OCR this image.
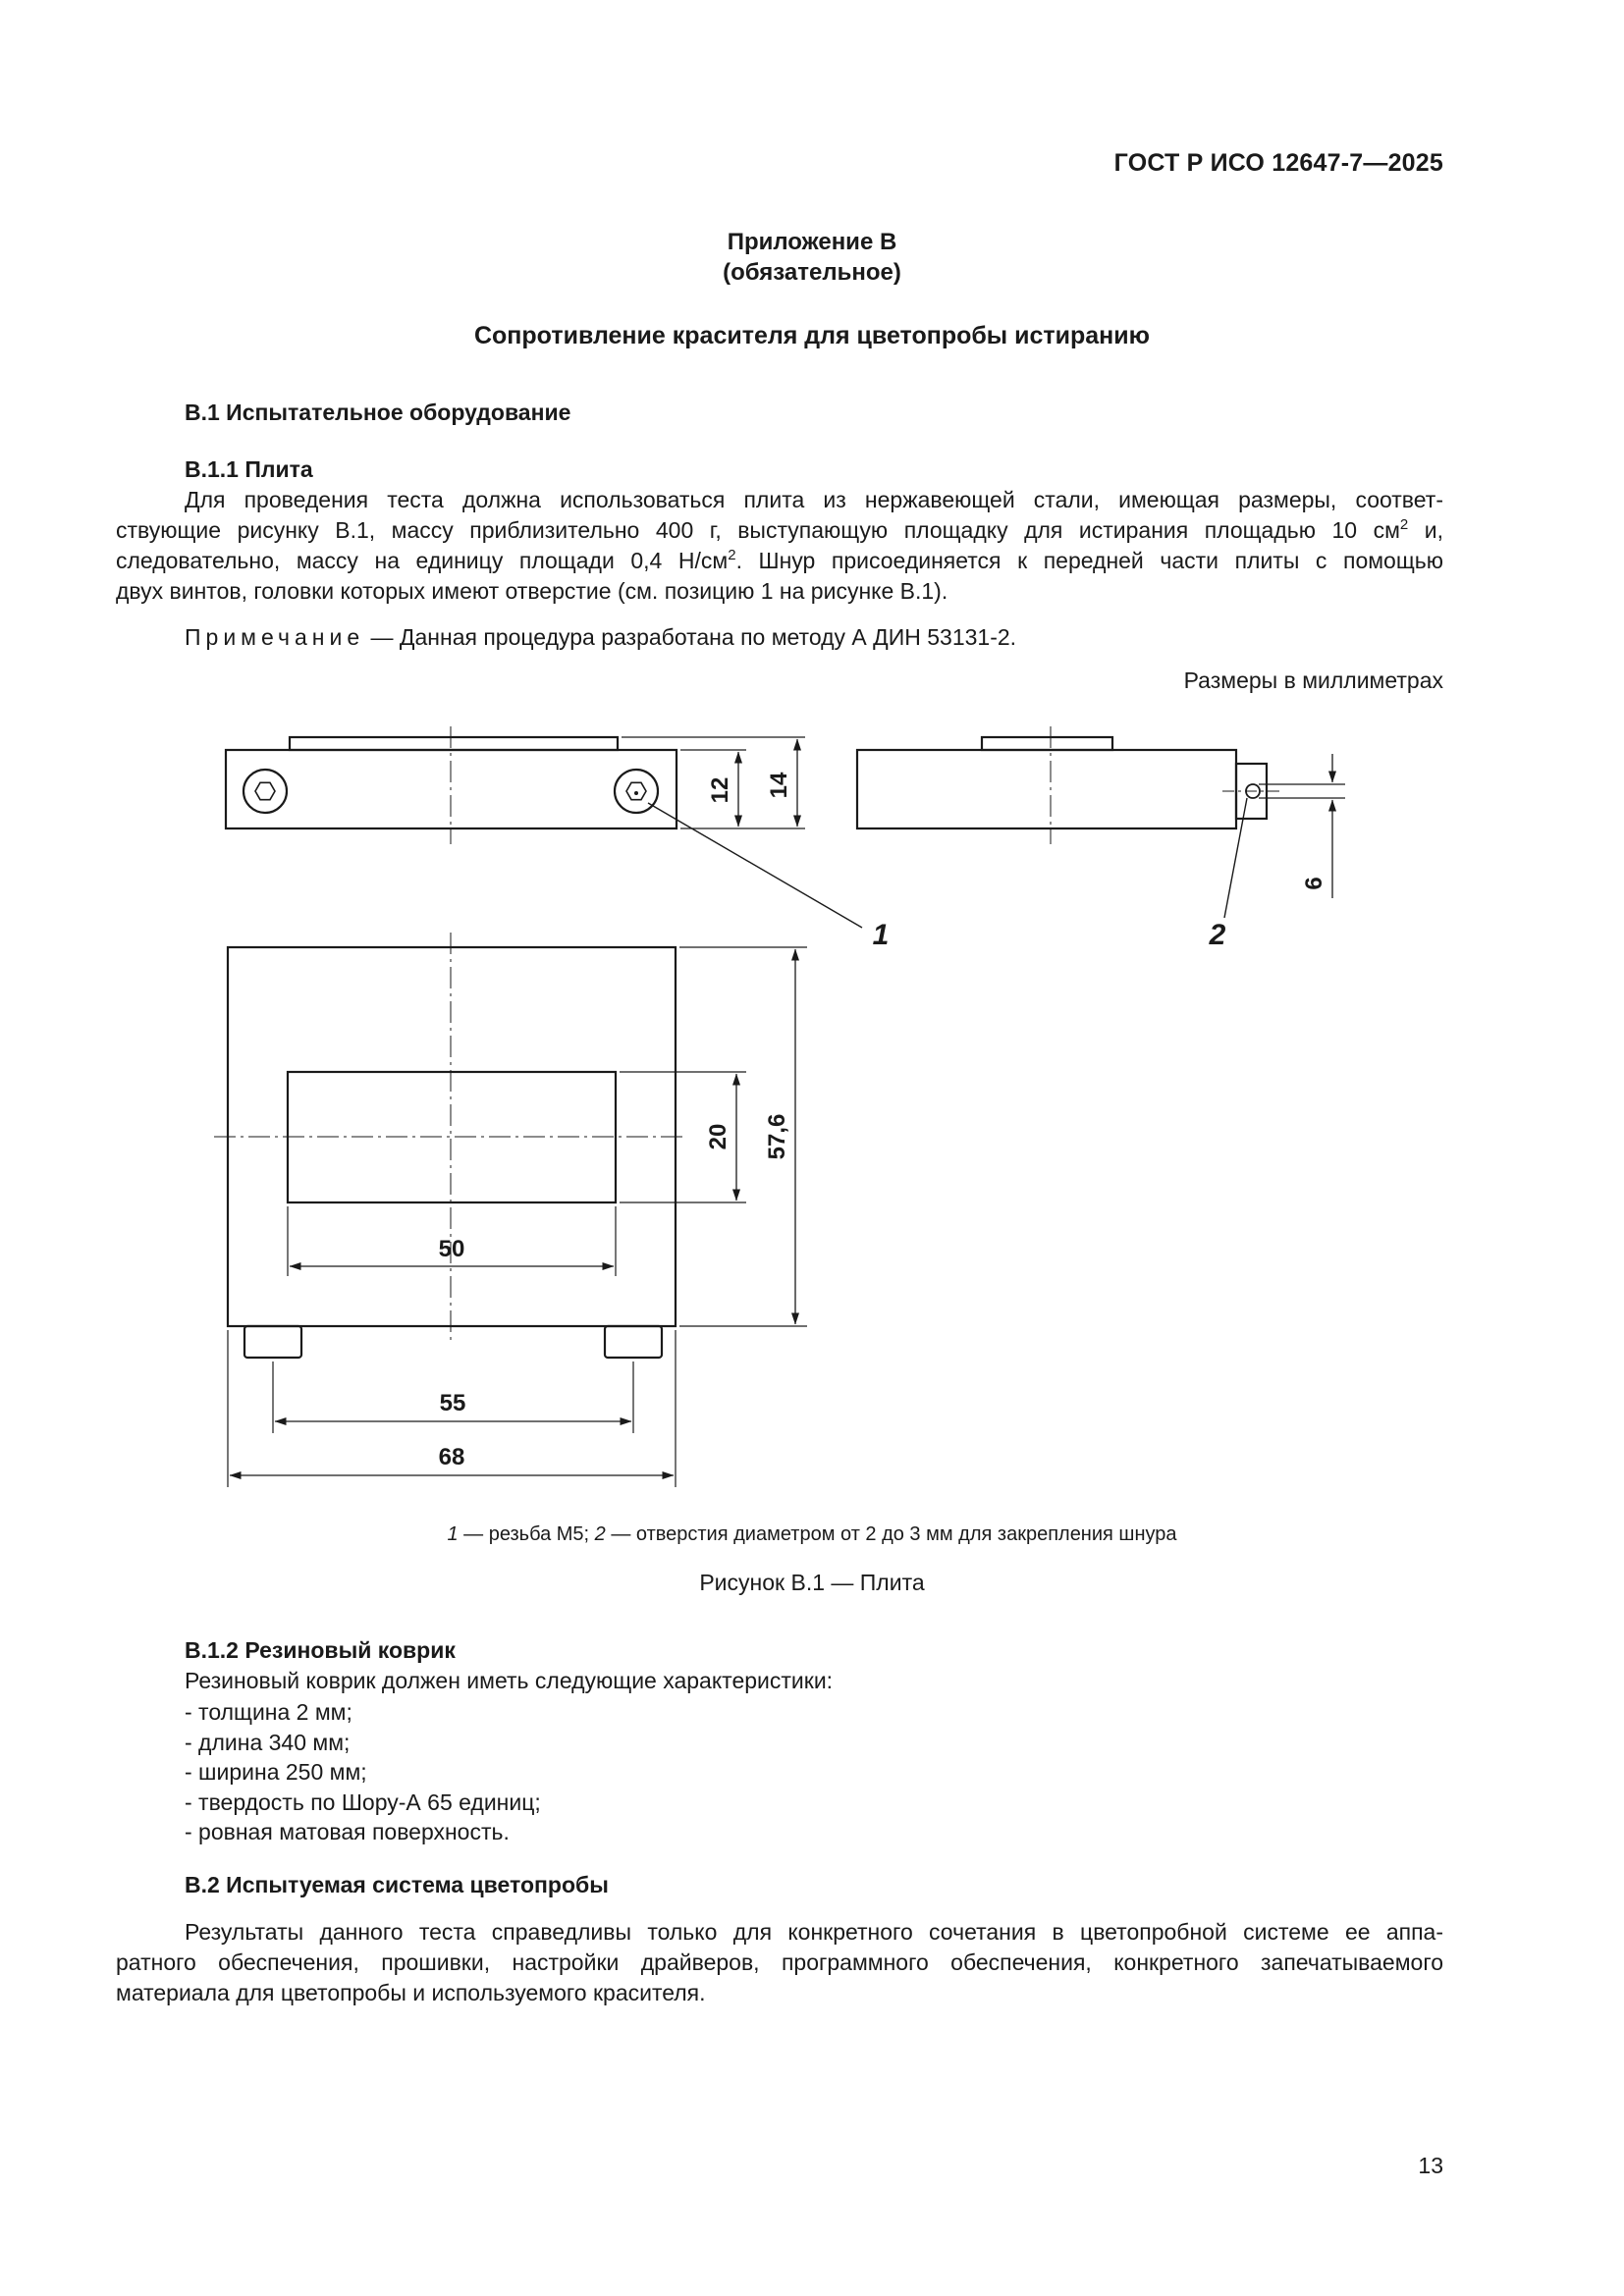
ГОСТ Р ИСО 12647-7—2025
Приложение В
(обязательное)
Сопротивление красителя для цветопробы истиранию
В.1 Испытательное оборудование
В.1.1 Плита
Для проведения теста должна использоваться плита из нержавеющей стали, имеющая размеры, соответ-
ствующие рисунку В.1, массу приблизительно 400 г, выступающую площадку для истирания площадью 10 $см^2$ и,
следовательно, массу на единицу площади 0,4 $Н/см^2$. Шнур присоединяется к передней части плиты с помощью
двух винтов, головки которых имеют отверстие (см. позицию 1 на рисунке В.1).
Примечание — Данная процедура разработана по методу А ДИН 53131-2.
Размеры в миллиметрах
12 14
6
20 57,6
50
55
68
1	2
1 — резьба М5; 2 — отверстия диаметром от 2 до 3 мм для закрепления шнура
Рисунок В.1 — Плита
В.1.2 Резиновый коврик
Резиновый коврик должен иметь следующие характеристики:
- толщина 2 мм;
- длина 340 мм;
- ширина 250 мм;
- твердость по Шору-А 65 единиц;
- ровная матовая поверхность.
В.2 Испытуемая система цветопробы
Результаты данного теста справедливы только для конкретного сочетания в цветопробной системе ее аппа-
ратного обеспечения, прошивки, настройки драйверов, программного обеспечения, конкретного запечатываемого
материала для цветопробы и используемого красителя.
13
